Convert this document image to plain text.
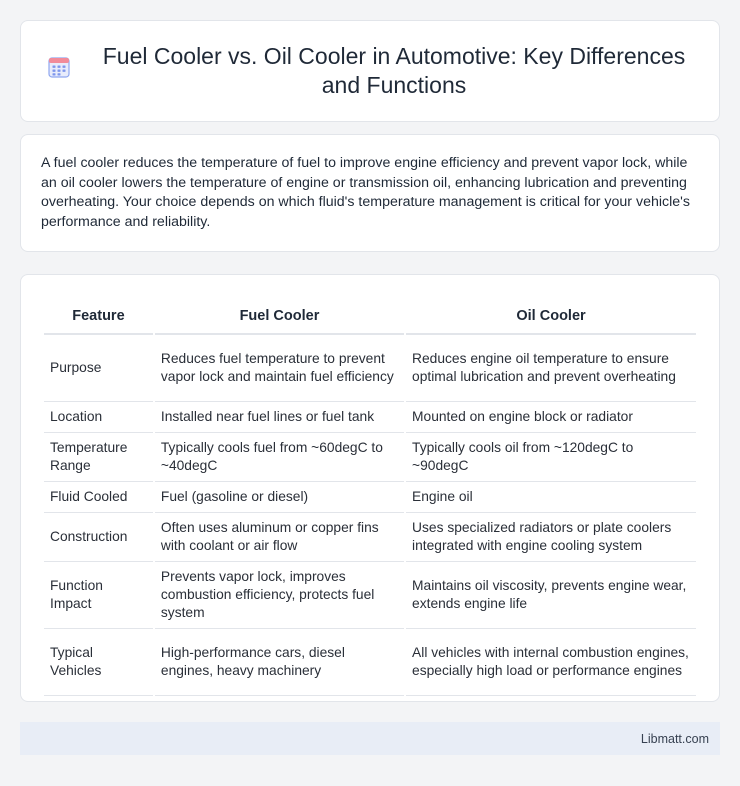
Fuel Cooler vs. Oil Cooler in Automotive: Key Differences and Functions

A fuel cooler reduces the temperature of fuel to improve engine efficiency and prevent vapor lock, while an oil cooler lowers the temperature of engine or transmission oil, enhancing lubrication and preventing overheating. Your choice depends on which fluid's temperature management is critical for your vehicle's performance and reliability.

Feature	Fuel Cooler	Oil Cooler
Purpose	Reduces fuel temperature to prevent vapor lock and maintain fuel efficiency	Reduces engine oil temperature to ensure optimal lubrication and prevent overheating
Location	Installed near fuel lines or fuel tank	Mounted on engine block or radiator
Temperature Range	Typically cools fuel from ~60degC to ~40degC	Typically cools oil from ~120degC to ~90degC
Fluid Cooled	Fuel (gasoline or diesel)	Engine oil
Construction	Often uses aluminum or copper fins with coolant or air flow	Uses specialized radiators or plate coolers integrated with engine cooling system
Function Impact	Prevents vapor lock, improves combustion efficiency, protects fuel system	Maintains oil viscosity, prevents engine wear, extends engine life
Typical Vehicles	High-performance cars, diesel engines, heavy machinery	All vehicles with internal combustion engines, especially high load or performance engines
Libmatt.com
